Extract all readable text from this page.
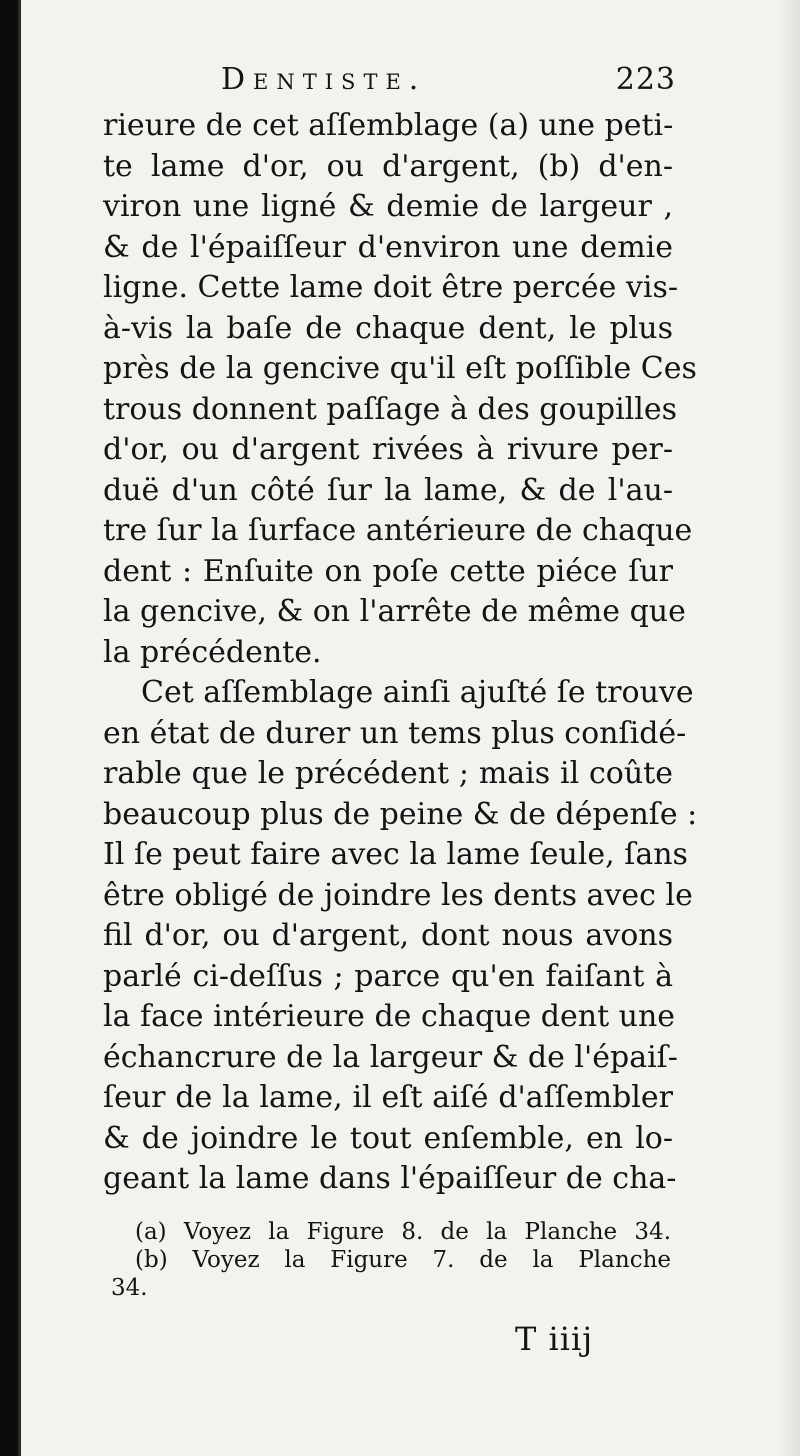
Dentiste.	223
rieure de cet aſſemblage (a) une peti-
te lame d'or, ou d'argent, (b) d'en-
viron une ligné & demie de largeur ,
& de l'épaiſſeur d'environ une demie
ligne. Cette lame doit être percée vis-
à-vis la baſe de chaque dent, le plus
près de la gencive qu'il eſt poſſible Ces
trous donnent paſſage à des goupilles
d'or, ou d'argent rivées à rivure per-
duë d'un côté ſur la lame, & de l'au-
tre ſur la ſurface antérieure de chaque
dent : Enſuite on poſe cette piéce ſur
la gencive, & on l'arrête de même que
la précédente.
Cet aſſemblage ainſi ajuſté ſe trouve
en état de durer un tems plus conſidé-
rable que le précédent ; mais il coûte
beaucoup plus de peine & de dépenſe :
Il ſe peut faire avec la lame ſeule, ſans
être obligé de joindre les dents avec le
fil d'or, ou d'argent, dont nous avons
parlé ci-deſſus ; parce qu'en faiſant à
la face intérieure de chaque dent une
échancrure de la largeur & de l'épaiſ-
ſeur de la lame, il eſt aiſé d'aſſembler
& de joindre le tout enſemble, en lo-
geant la lame dans l'épaiſſeur de cha-
(a) Voyez la Figure 8. de la Planche 34.
(b) Voyez la Figure 7. de la Planche
34.
T iiij
